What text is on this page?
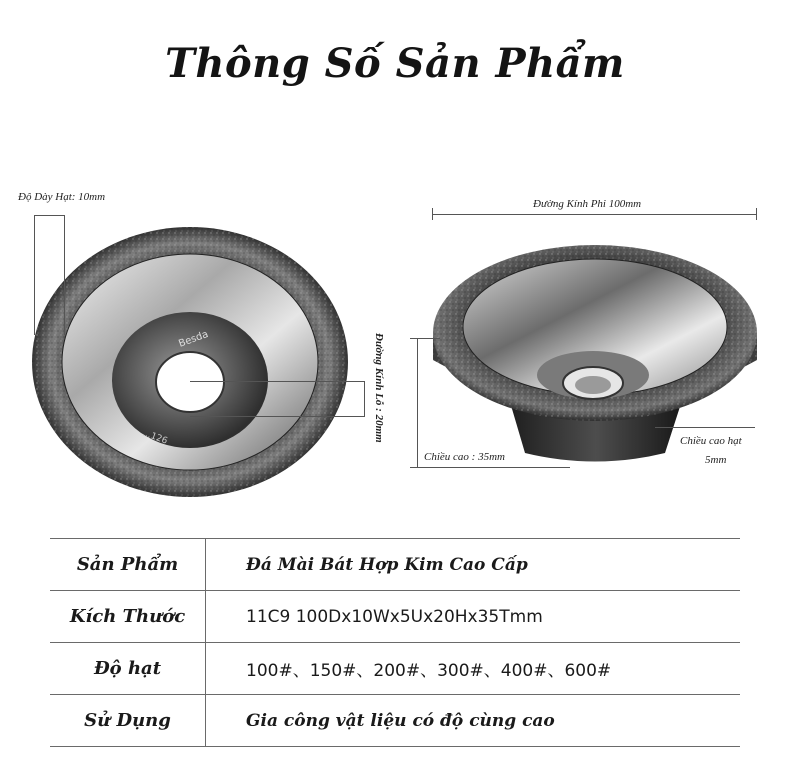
Thông Số Sản Phẩm
Besda
...126
Độ Dày Hạt: 10mm
Đường Kính Lỗ : 20mm
Đường Kính Phi 100mm
Chiều cao : 35mm
Chiều cao hạt
5mm
Sản Phẩm	Đá Mài Bát Hợp Kim Cao Cấp
Kích Thước	11C9 100Dx10Wx5Ux20Hx35Tmm
Độ hạt	100#、150#、200#、300#、400#、600#
Sử Dụng	Gia công vật liệu có độ cùng cao
